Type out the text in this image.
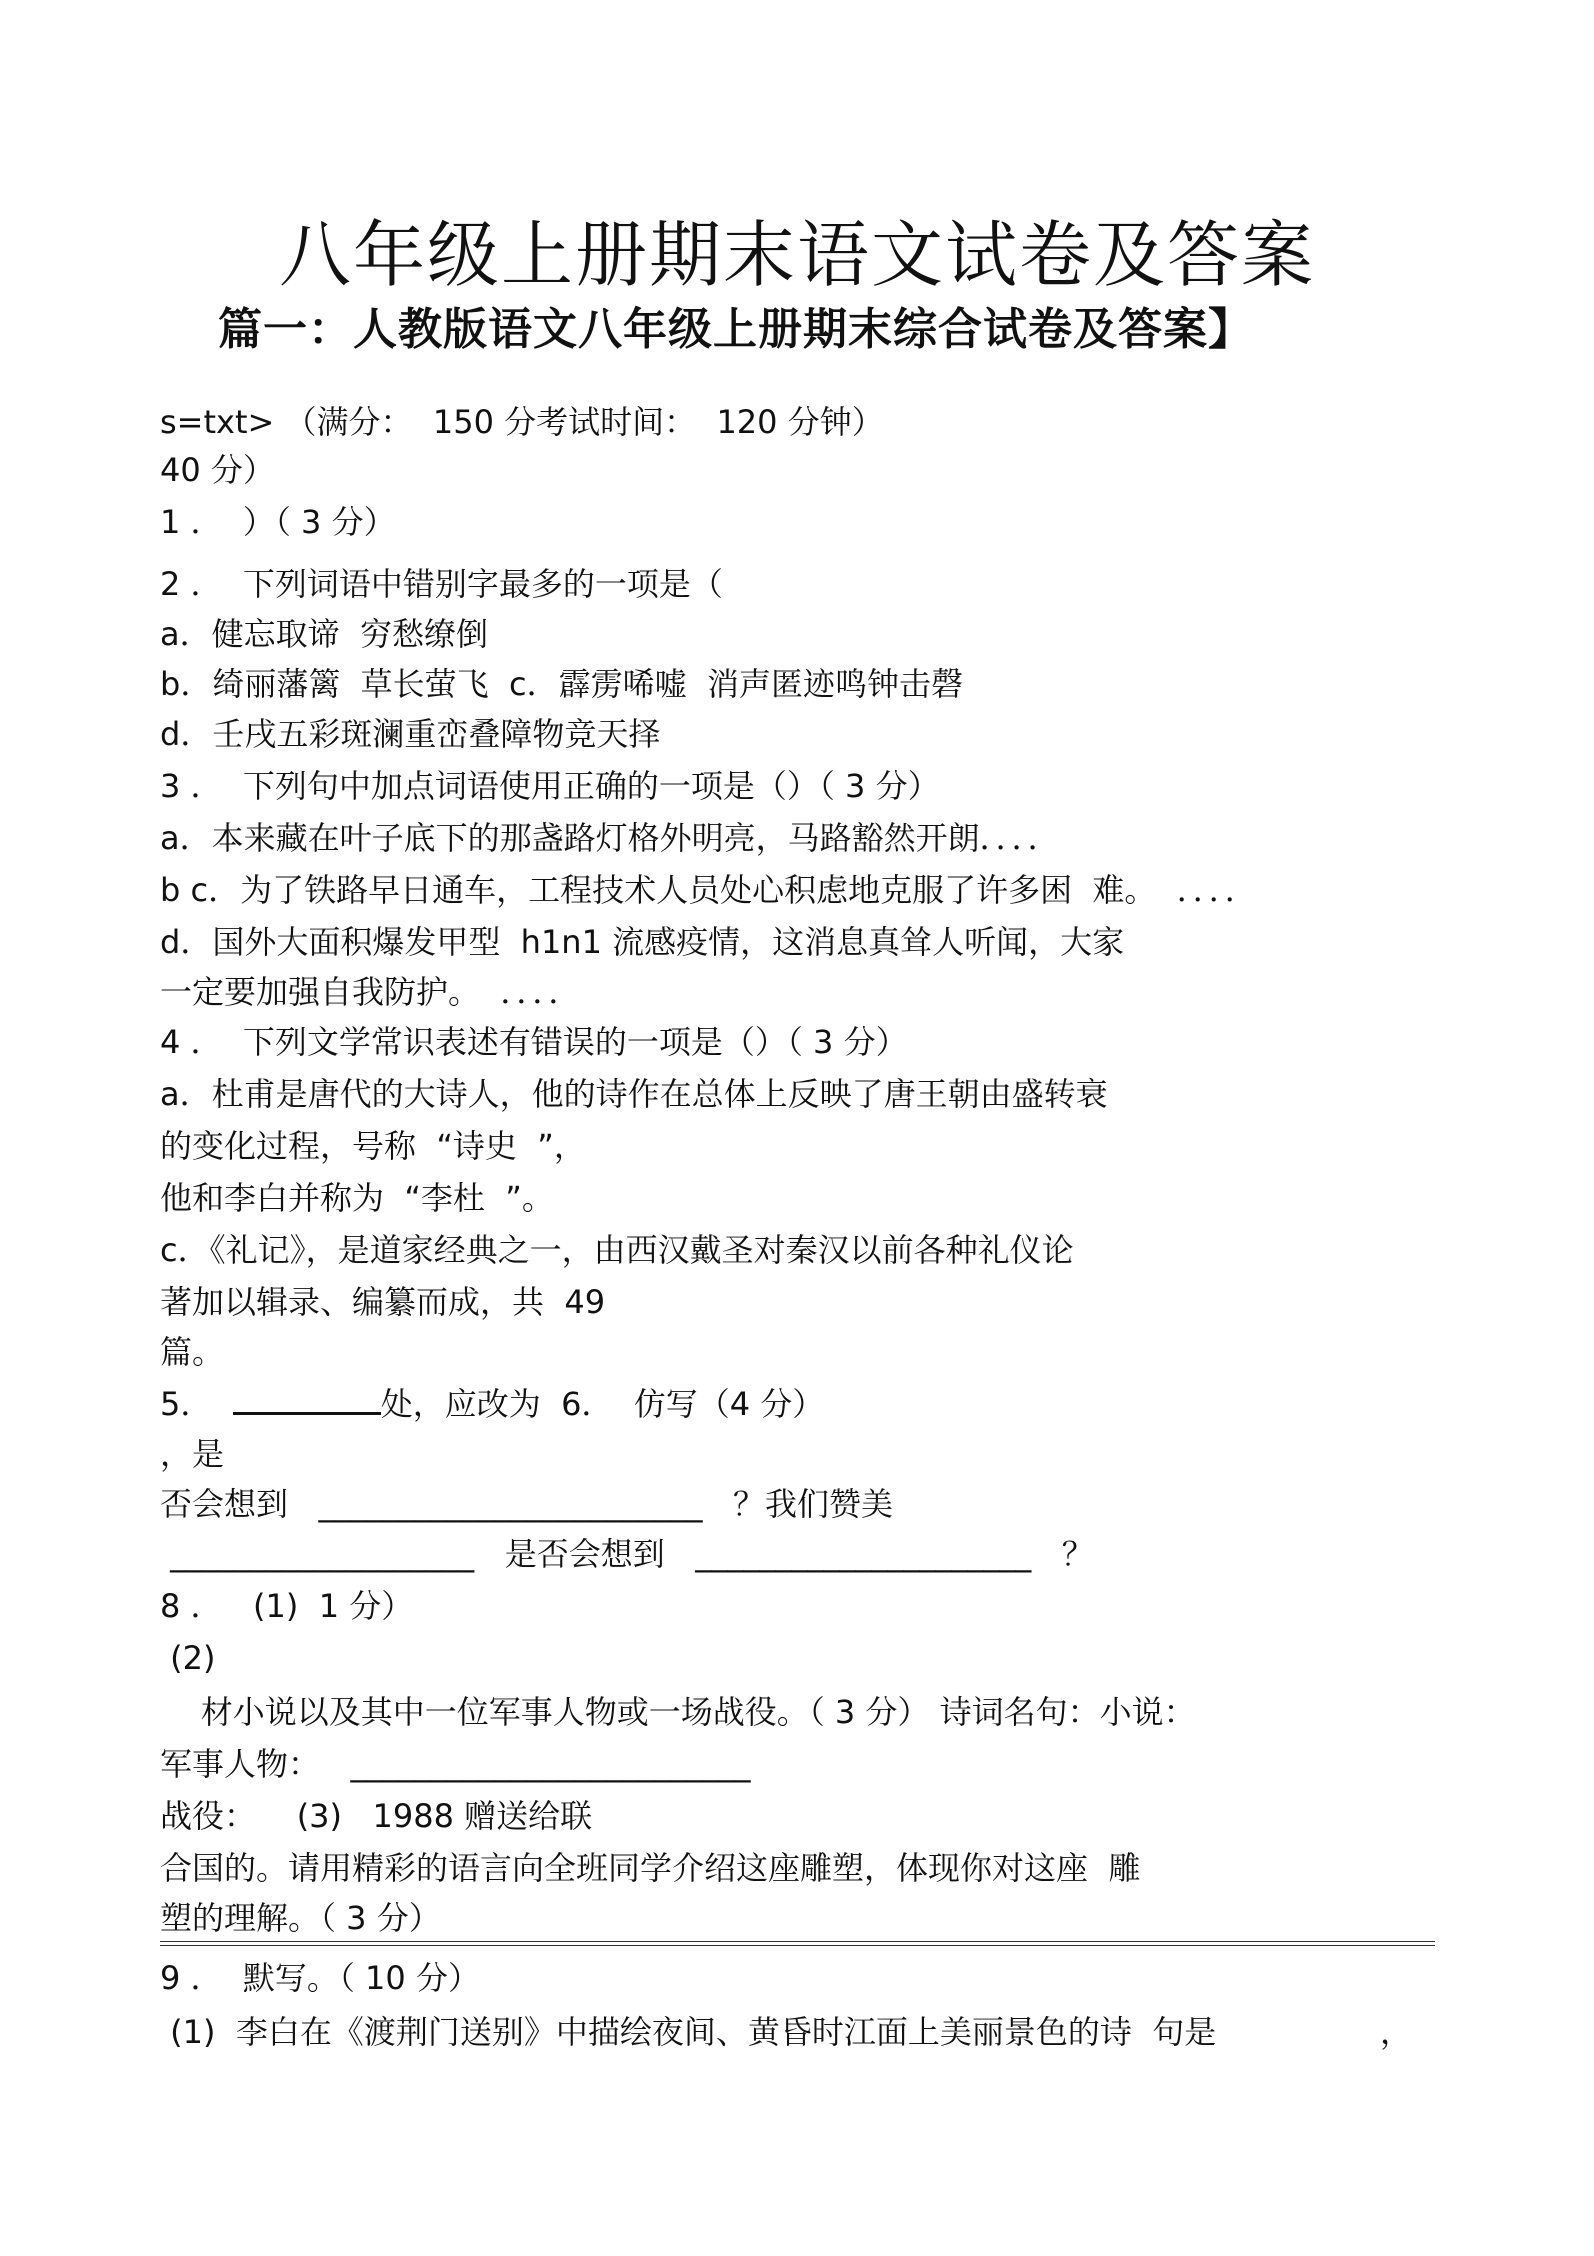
八年级上册期末语文试卷及答案
篇一：人教版语文八年级上册期末综合试卷及答案】
s=txt> （满分：  150 分考试时间：  120 分钟）
40 分）
1 ．  ）（ 3 分）
2 ．  下列词语中错别字最多的一项是（
a．健忘取谛  穷愁缭倒
b．绮丽藩篱  草长萤飞  c．霹雳唏嘘  消声匿迹鸣钟击磬
d．壬戌五彩斑澜重峦叠障物竞天择
3 ．  下列句中加点词语使用正确的一项是（）（ 3 分）
a．本来藏在叶子底下的那盏路灯格外明亮，马路豁然开朗．．．．
b c．为了铁路早日通车，工程技术人员处心积虑地克服了许多困  难。  ．．．．
d．国外大面积爆发甲型  h1n1 流感疫情，这消息真耸人听闻，大家
一定要加强自我防护。  ．．．．
4 ．  下列文学常识表述有错误的一项是（）（ 3 分）
a．杜甫是唐代的大诗人，他的诗作在总体上反映了唐王朝由盛转衰
的变化过程，号称  “诗史  ”，
他和李白并称为  “李杜  ”。
c．《礼记》，是道家经典之一，由西汉戴圣对秦汉以前各种礼仪论
著加以辑录、编纂而成，共  49
篇。
5．	处，应改为  6．  仿写（4 分）
，是
否会想到   ________________________   ？我们赞美
___________________   是否会想到   _____________________   ？
8 ．   (1)  1 分）
(2)
材小说以及其中一位军事人物或一场战役。（ 3 分） 诗词名句：小说：
军事人物：   _________________________
战役：    (3)   1988 赠送给联
合国的。请用精彩的语言向全班同学介绍这座雕塑，体现你对这座  雕
塑的理解。（ 3 分）
9 ．  默写。（ 10 分）
(1)  李白在《渡荆门送别》中描绘夜间、黄昏时江面上美丽景色的诗  句是	，
